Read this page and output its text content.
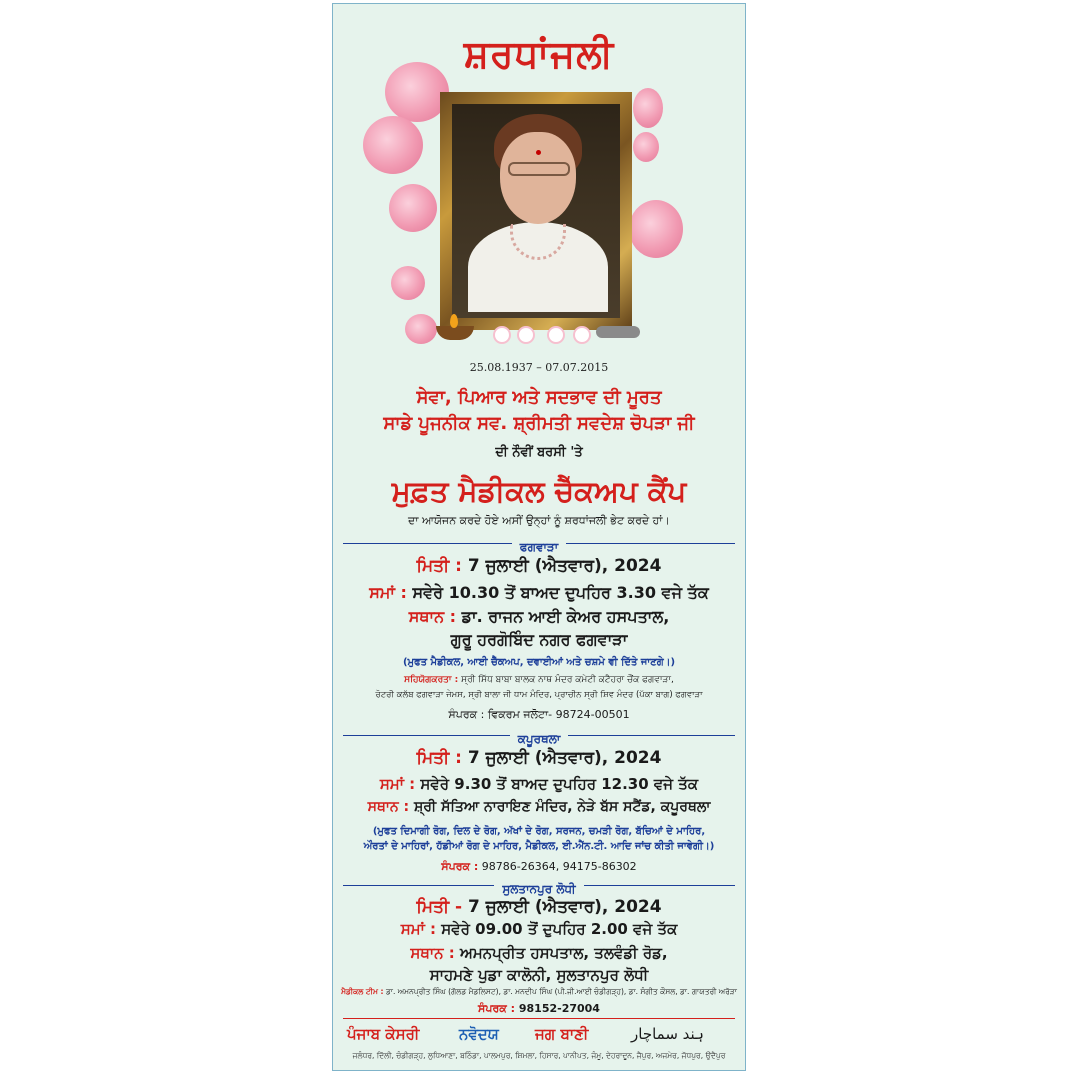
ਸ਼ਰਧਾਂਜਲੀ
25.08.1937 – 07.07.2015
ਸੇਵਾ, ਪਿਆਰ ਅਤੇ ਸਦਭਾਵ ਦੀ ਮੂਰਤ
ਸਾਡੇ ਪੂਜਨੀਕ ਸਵ. ਸ਼੍ਰੀਮਤੀ ਸਵਦੇਸ਼ ਚੋਪੜਾ ਜੀ
ਦੀ ਨੌਵੀਂ ਬਰਸੀ 'ਤੇ
ਮੁਫ਼ਤ ਮੈਡੀਕਲ ਚੈੱਕਅਪ ਕੈਂਪ
ਦਾ ਆਯੋਜਨ ਕਰਦੇ ਹੋਏ ਅਸੀਂ ਉਨ੍ਹਾਂ ਨੂੰ ਸ਼ਰਧਾਂਜਲੀ ਭੇਟ ਕਰਦੇ ਹਾਂ।
ਫਗਵਾੜਾ
ਮਿਤੀ : 7 ਜੁਲਾਈ (ਐਤਵਾਰ), 2024
ਸਮਾਂ : ਸਵੇਰੇ 10.30 ਤੋਂ ਬਾਅਦ ਦੁਪਹਿਰ 3.30 ਵਜੇ ਤੱਕ
ਸਥਾਨ : ਡਾ. ਰਾਜਨ ਆਈ ਕੇਅਰ ਹਸਪਤਾਲ,
ਗੁਰੂ ਹਰਗੋਬਿੰਦ ਨਗਰ ਫਗਵਾੜਾ
(ਮੁਫਤ ਮੈਡੀਕਲ, ਆਈ ਚੈੱਕਅਪ, ਦਵਾਈਆਂ ਅਤੇ ਚਸ਼ਮੇ ਵੀ ਦਿੱਤੇ ਜਾਣਗੇ।)
ਸਹਿਯੋਗਕਰਤਾ : ਸ੍ਰੀ ਸਿੱਧ ਬਾਬਾ ਬਾਲਕ ਨਾਥ ਮੰਦਰ ਕਮੇਟੀ ਕਟੈਹਰਾ ਚੌਂਕ ਫਗਵਾੜਾ,
ਰੋਟਰੀ ਕਲੱਬ ਫਗਵਾੜਾ ਜੇਮਸ, ਸ੍ਰੀ ਬਾਲਾ ਜੀ ਧਾਮ ਮੰਦਿਰ, ਪ੍ਰਾਚੀਨ ਸ੍ਰੀ ਸ਼ਿਵ ਮੰਦਰ (ਪੱਕਾ ਬਾਗ) ਫਗਵਾੜਾ
ਸੰਪਰਕ : ਵਿਕਰਮ ਜਲੋਟਾ- 98724-00501
ਕਪੂਰਥਲਾ
ਮਿਤੀ : 7 ਜੁਲਾਈ (ਐਤਵਾਰ), 2024
ਸਮਾਂ : ਸਵੇਰੇ 9.30 ਤੋਂ ਬਾਅਦ ਦੁਪਹਿਰ 12.30 ਵਜੇ ਤੱਕ
ਸਥਾਨ : ਸ਼੍ਰੀ ਸੱਤਿਆ ਨਾਰਾਇਣ ਮੰਦਿਰ, ਨੇੜੇ ਬੱਸ ਸਟੈਂਡ, ਕਪੂਰਥਲਾ
(ਮੁਫਤ ਦਿਮਾਗੀ ਰੋਗ, ਦਿਲ ਦੇ ਰੋਗ, ਅੱਖਾਂ ਦੇ ਰੋਗ, ਸਰਜਨ, ਚਮੜੀ ਰੋਗ, ਬੱਚਿਆਂ ਦੇ ਮਾਹਿਰ,
ਔਰਤਾਂ ਦੇ ਮਾਹਿਰਾਂ, ਹੱਡੀਆਂ ਰੋਗ ਦੇ ਮਾਹਿਰ, ਮੈਡੀਕਲ, ਈ.ਐੱਨ.ਟੀ. ਆਦਿ ਜਾਂਚ ਕੀਤੀ ਜਾਵੇਗੀ।)
ਸੰਪਰਕ : 98786-26364, 94175-86302
ਸੁਲਤਾਨਪੁਰ ਲੋਧੀ
ਮਿਤੀ - 7 ਜੁਲਾਈ (ਐਤਵਾਰ), 2024
ਸਮਾਂ : ਸਵੇਰੇ 09.00 ਤੋਂ ਦੁਪਹਿਰ 2.00 ਵਜੇ ਤੱਕ
ਸਥਾਨ : ਅਮਨਪ੍ਰੀਤ ਹਸਪਤਾਲ, ਤਲਵੰਡੀ ਰੋਡ,
ਸਾਹਮਣੇ ਪੁਡਾ ਕਾਲੋਨੀ, ਸੁਲਤਾਨਪੁਰ ਲੋਧੀ
ਮੈਡੀਕਲ ਟੀਮ : ਡਾ. ਅਮਨਪ੍ਰੀਤ ਸਿੰਘ (ਗੋਲਡ ਮੈਡਲਿਸਟ), ਡਾ. ਮਨਦੀਪ ਸਿੰਘ (ਪੀ.ਜੀ.ਆਈ ਚੰਡੀਗੜ੍ਹ), ਡਾ. ਸੰਗੀਤ ਕੌਸਲ, ਡਾ. ਗਾਯਤਰੀ ਅਰੋੜਾ
ਸੰਪਰਕ : 98152-27004
ਪੰਜਾਬ ਕੇਸਰੀ	ਨਵੋਦਯ ਜਗ ਬਾਣੀ	ہند سماچار
ਜਲੰਧਰ, ਦਿੱਲੀ, ਚੰਡੀਗੜ੍ਹ, ਲੁਧਿਆਣਾ, ਬਠਿੰਡਾ, ਪਾਲਮਪੁਰ, ਸ਼ਿਮਲਾ, ਹਿਸਾਰ, ਪਾਨੀਪਤ, ਜੰਮੂ, ਦੇਹਰਾਦੂਨ, ਜੈਪੁਰ, ਅਜਮੇਰ, ਜੋਧਪੁਰ, ਉਦੈਪੁਰ
